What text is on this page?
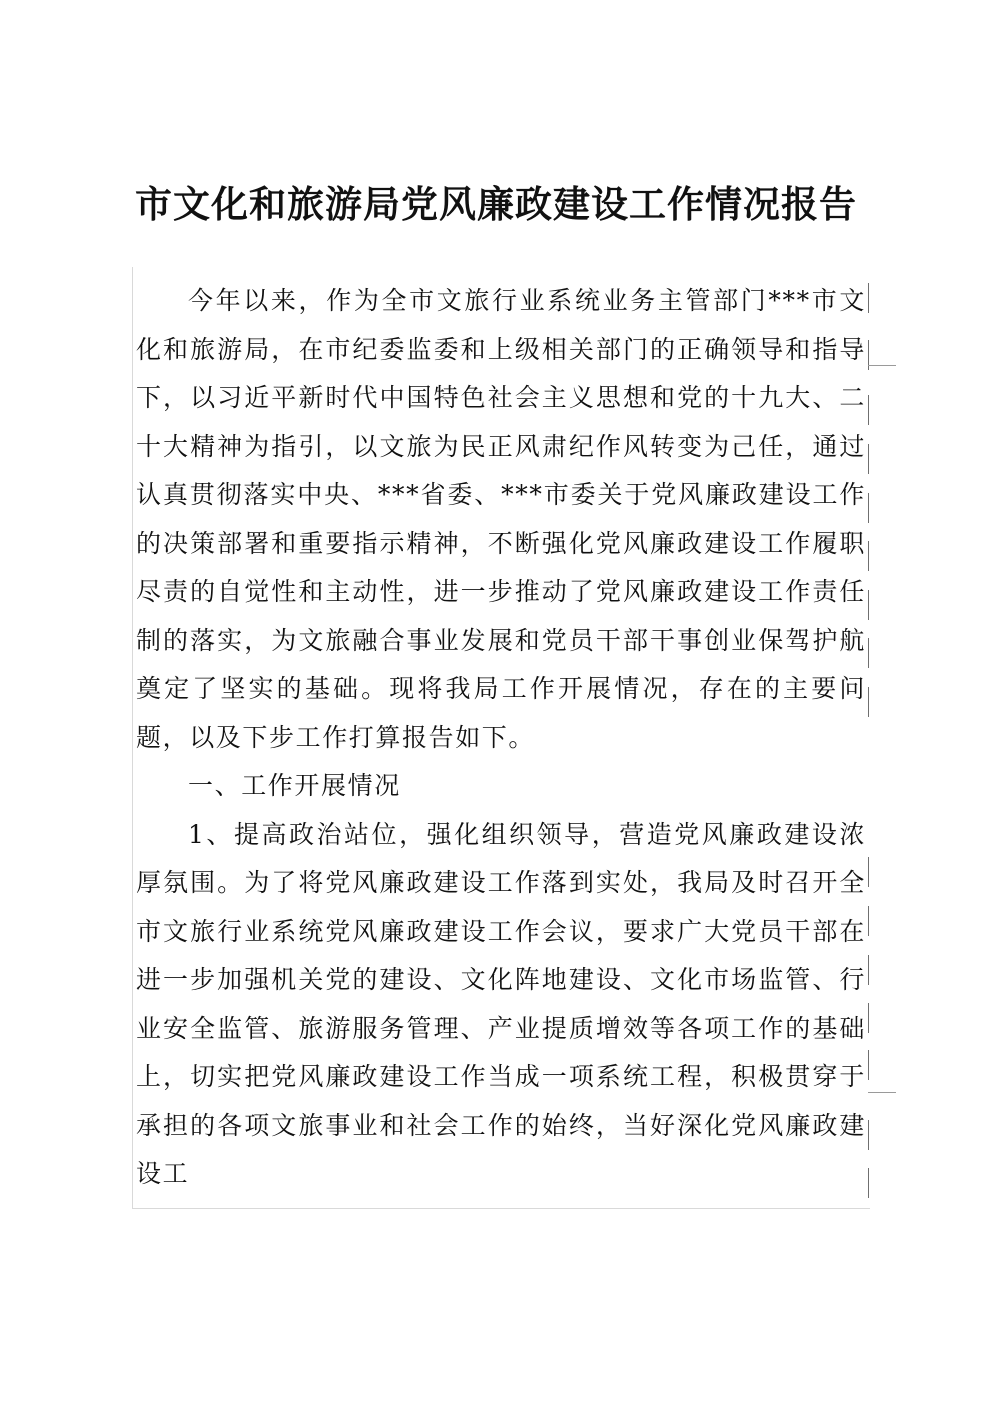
市文化和旅游局党风廉政建设工作情况报告

今年以来，作为全市文旅行业系统业务主管部门***市文化和旅游局，在市纪委监委和上级相关部门的正确领导和指导下，以习近平新时代中国特色社会主义思想和党的十九大、二十大精神为指引，以文旅为民正风肃纪作风转变为己任，通过认真贯彻落实中央、***省委、***市委关于党风廉政建设工作的决策部署和重要指示精神，不断强化党风廉政建设工作履职尽责的自觉性和主动性，进一步推动了党风廉政建设工作责任制的落实，为文旅融合事业发展和党员干部干事创业保驾护航奠定了坚实的基础。现将我局工作开展情况，存在的主要问题，以及下步工作打算报告如下。

一、工作开展情况

1、提高政治站位，强化组织领导，营造党风廉政建设浓厚氛围。为了将党风廉政建设工作落到实处，我局及时召开全市文旅行业系统党风廉政建设工作会议，要求广大党员干部在进一步加强机关党的建设、文化阵地建设、文化市场监管、行业安全监管、旅游服务管理、产业提质增效等各项工作的基础上，切实把党风廉政建设工作当成一项系统工程，积极贯穿于承担的各项文旅事业和社会工作的始终，当好深化党风廉政建设工
